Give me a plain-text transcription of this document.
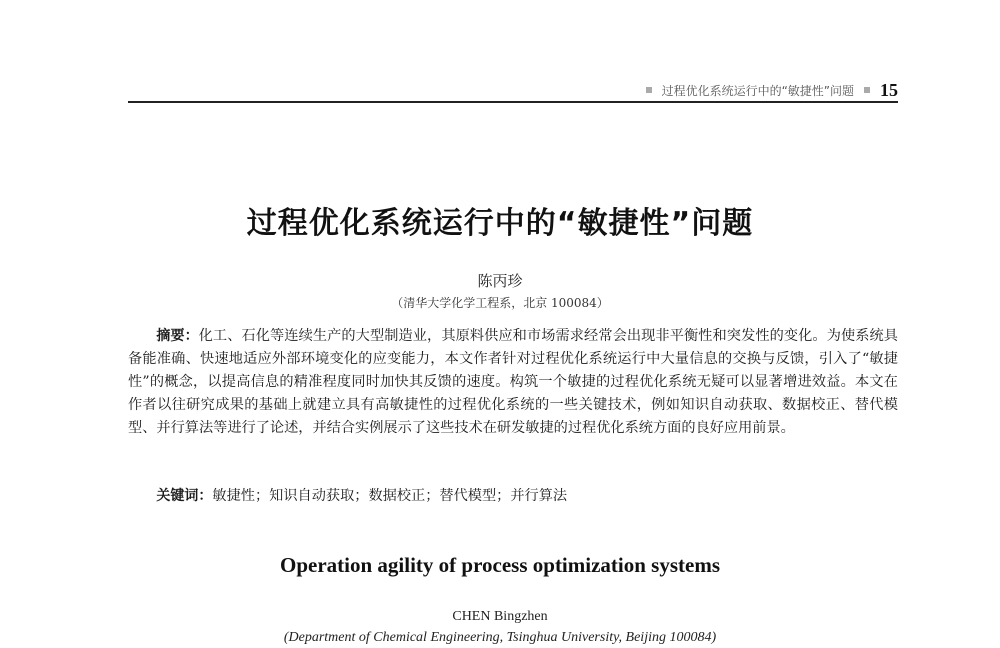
过程优化系统运行中的“敏捷性”问题 15
过程优化系统运行中的“敏捷性”问题
陈丙珍
（清华大学化学工程系，北京 100084）
摘要：化工、石化等连续生产的大型制造业，其原料供应和市场需求经常会出现非平衡性和突发性的变化。为使系统具备能准确、快速地适应外部环境变化的应变能力，本文作者针对过程优化系统运行中大量信息的交换与反馈，引入了“敏捷性”的概念，以提高信息的精准程度同时加快其反馈的速度。构筑一个敏捷的过程优化系统无疑可以显著增进效益。本文在作者以往研究成果的基础上就建立具有高敏捷性的过程优化系统的一些关键技术，例如知识自动获取、数据校正、替代模型、并行算法等进行了论述，并结合实例展示了这些技术在研发敏捷的过程优化系统方面的良好应用前景。
关键词：敏捷性；知识自动获取；数据校正；替代模型；并行算法
Operation agility of process optimization systems
CHEN Bingzhen
(Department of Chemical Engineering, Tsinghua University, Beijing 100084)
